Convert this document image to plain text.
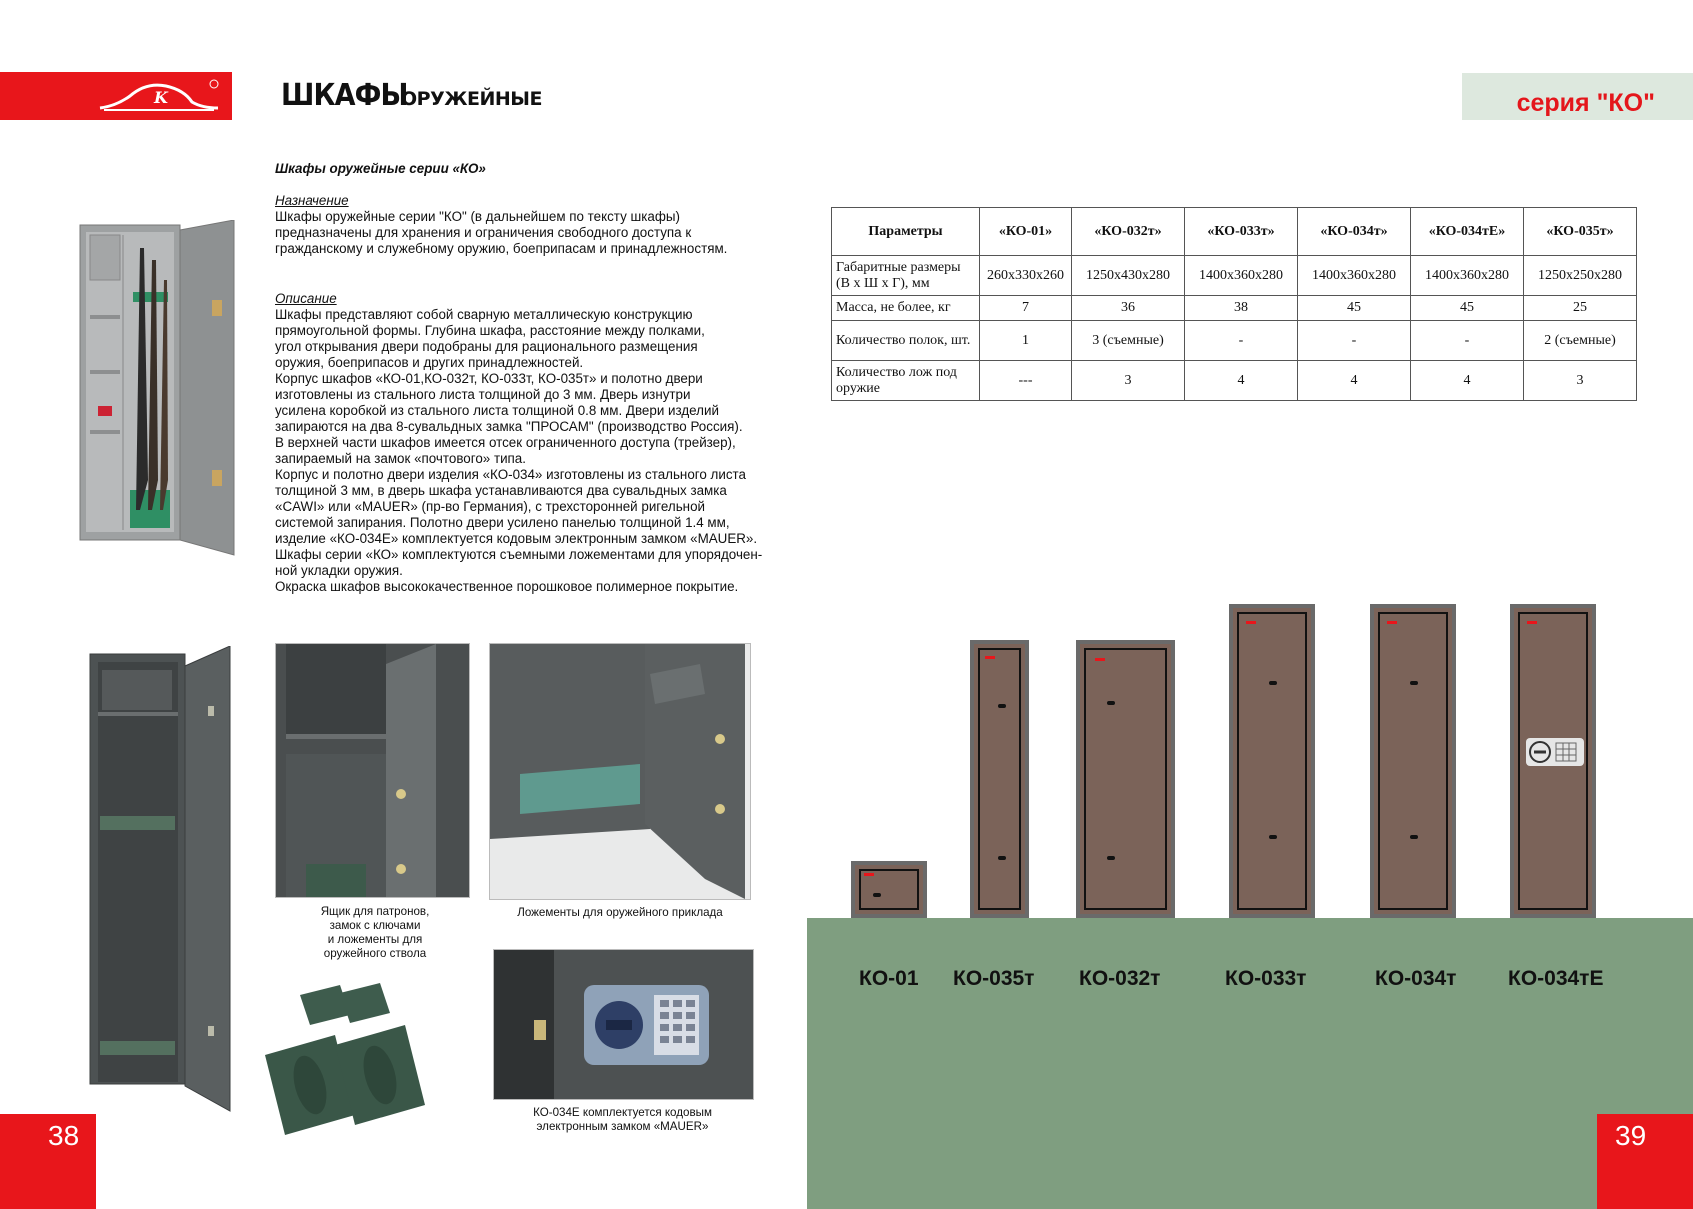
K	ШКАФЫ
ОРУЖЕЙНЫЕ	серия "КО"

Шкафы оружейные серии «КО»

Назначение

Шкафы оружейные серии "КО" (в дальнейшем по тексту шкафы)

предназначены для хранения и ограничения свободного доступа к

гражданскому и служебному оружию, боеприпасам и принадлежностям.

Описание

Шкафы представляют собой сварную металлическую конструкцию

прямоугольной формы. Глубина шкафа, расстояние между полками,

угол открывания двери подобраны для рационального размещения

оружия, боеприпасов и других принадлежностей.

Корпус шкафов «КО-01,КО-032т, КО-033т, КО-035т» и полотно двери

изготовлены из стального листа толщиной до 3 мм. Дверь изнутри

усилена коробкой из стального листа толщиной 0.8 мм. Двери изделий

запираются на два 8-сувальдных замка "ПРОСАМ" (производство Россия).

В верхней части шкафов имеется отсек ограниченного доступа (трейзер),

запираемый на замок «почтового» типа.

Корпус и полотно двери изделия «КО-034» изготовлены из стального листа

толщиной 3 мм, в дверь шкафа устанавливаются два сувальдных замка

«CAWI» или «MAUER» (пр-во Германия), с трехсторонней ригельной

системой запирания. Полотно двери усилено панелью толщиной 1.4 мм,

изделие «КО-034Е» комплектуется кодовым электронным замком «MAUER».

Шкафы серии «КО» комплектуются съемными ложементами для упорядочен-

ной укладки оружия.

Окраска шкафов высококачественное порошковое полимерное покрытие.

Ящик для патронов,
замок с ключами
и ложементы для
оружейного ствола
Ложементы для оружейного приклада
КО-034Е комплектуется кодовым
электронным замком «MAUER»
Параметры	«КО-01»	«КО-032т»	«КО-033т»	«КО-034т»	«КО-034тЕ»	«КО-035т»
Габаритные размеры (В х Ш х Г), мм	260x330x260	1250x430x280	1400x360x280	1400x360x280	1400x360x280	1250x250x280
Масса, не более, кг	7	36	38	45	45	25
Количество полок, шт.	1	3 (съемные)	-	-	-	2 (съемные)
Количество лож под оружие	---	3	4	4	4	3
КО-01 КО-035т КО-032т	КО-033т	КО-034т КО-034тЕ
38	39
